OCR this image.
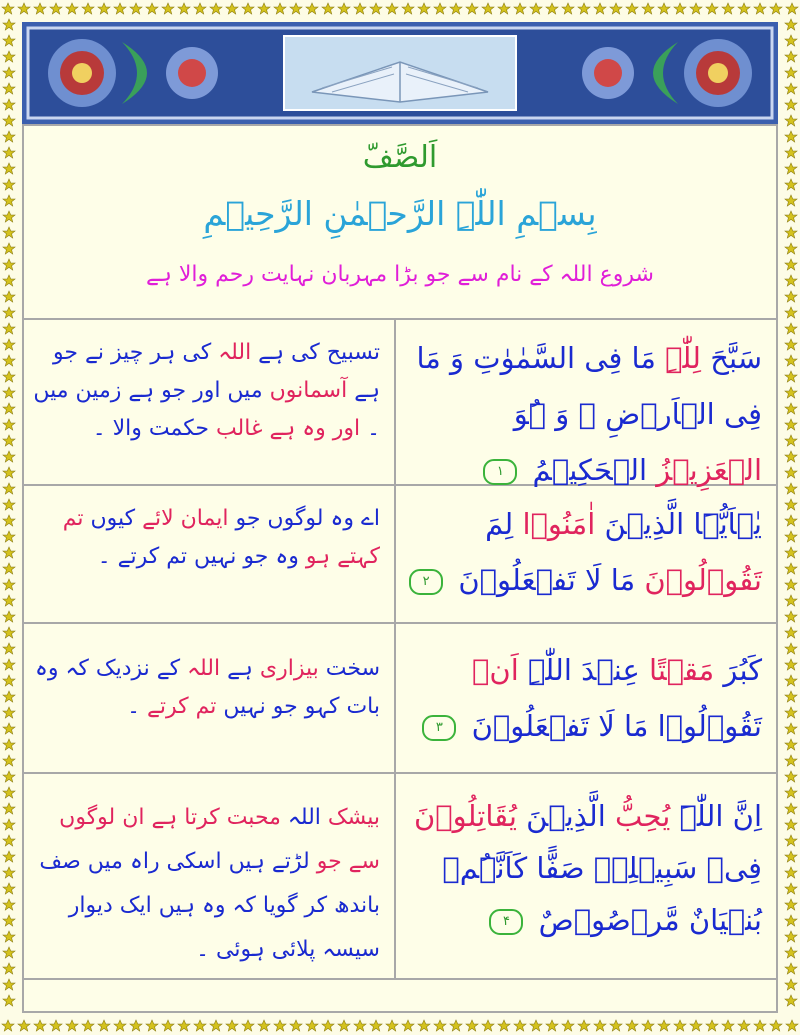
اَلصَّفّ
بِسۡمِ اللّٰہِ الرَّحۡمٰنِ الرَّحِیۡمِ
شروع اللہ کے نام سے جو بڑا مہربان نہایت رحم والا ہے
تسبیح کی ہے اللہ کی ہر چیز نے جو ہے آسمانوں میں اور جو ہے زمین میں ۔ اور وہ ہے غالب حکمت والا ۔
سَبَّحَ لِلّٰہِ مَا فِی السَّمٰوٰتِ وَ مَا فِی الۡاَرۡضِ ۚ وَ ہُوَ الۡعَزِیۡزُ الۡحَکِیۡمُ ۱
اے وہ لوگوں جو ایمان لائے کیوں تم کہتے ہو وہ جو نہیں تم کرتے ۔
یٰۤاَیُّہَا الَّذِیۡنَ اٰمَنُوۡا لِمَ تَقُوۡلُوۡنَ مَا لَا تَفۡعَلُوۡنَ ۲
سخت بیزاری ہے اللہ کے نزدیک کہ وہ بات کہو جو نہیں تم کرتے ۔
کَبُرَ مَقۡتًا عِنۡدَ اللّٰہِ اَنۡ تَقُوۡلُوۡا مَا لَا تَفۡعَلُوۡنَ ۳
بیشک اللہ محبت کرتا ہے ان لوگوں سے جو لڑتے ہیں اسکی راہ میں صف باندھ کر گویا کہ وہ ہیں ایک دیوار سیسہ پلائی ہوئی ۔
اِنَّ اللّٰہَ یُحِبُّ الَّذِیۡنَ یُقَاتِلُوۡنَ فِیۡ سَبِیۡلِہٖ صَفًّا کَاَنَّہُمۡ بُنۡیَانٌ مَّرۡصُوۡصٌ ۴
